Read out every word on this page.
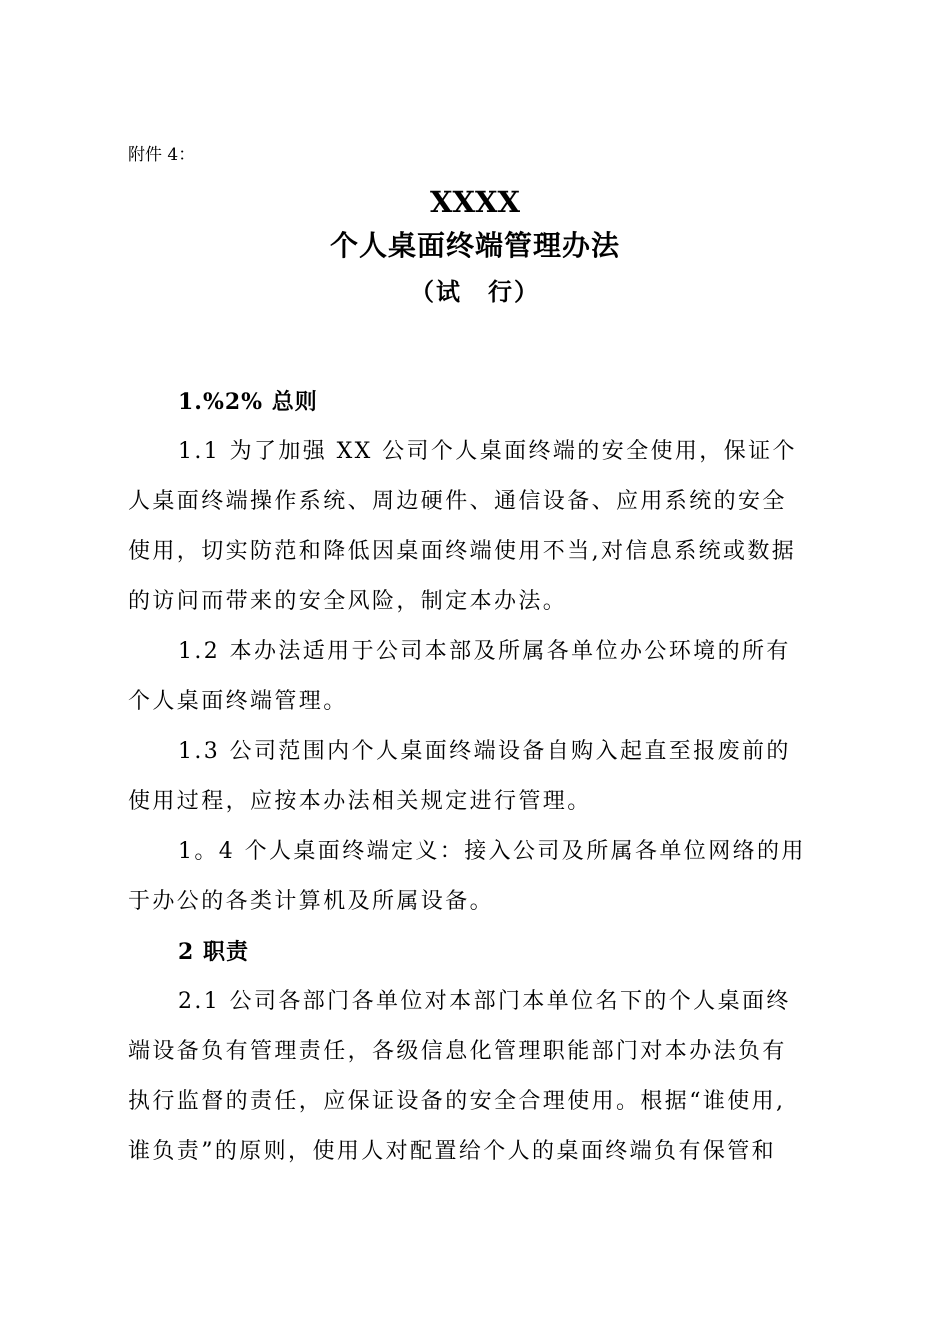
附件 4：
XXXX
个人桌面终端管理办法
（试　行）
1.%2% 总则
1.1 为了加强 XX 公司个人桌面终端的安全使用，保证个
人桌面终端操作系统、周边硬件、通信设备、应用系统的安全
使用，切实防范和降低因桌面终端使用不当,对信息系统或数据
的访问而带来的安全风险，制定本办法。
1.2 本办法适用于公司本部及所属各单位办公环境的所有
个人桌面终端管理。
1.3 公司范围内个人桌面终端设备自购入起直至报废前的
使用过程，应按本办法相关规定进行管理。
1。4 个人桌面终端定义：接入公司及所属各单位网络的用
于办公的各类计算机及所属设备。
2 职责
2.1 公司各部门各单位对本部门本单位名下的个人桌面终
端设备负有管理责任，各级信息化管理职能部门对本办法负有
执行监督的责任，应保证设备的安全合理使用。根据“谁使用,
谁负责”的原则，使用人对配置给个人的桌面终端负有保管和
